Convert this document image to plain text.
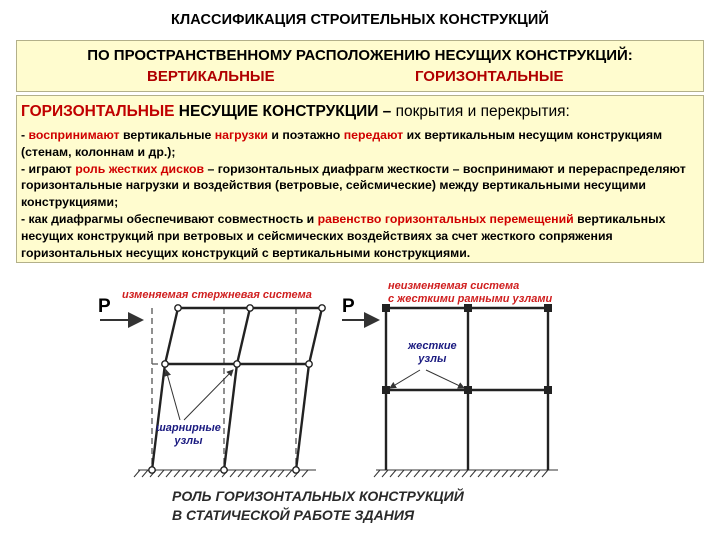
КЛАССИФИКАЦИЯ СТРОИТЕЛЬНЫХ КОНСТРУКЦИЙ
ПО ПРОСТРАНСТВЕННОМУ РАСПОЛОЖЕНИЮ НЕСУЩИХ КОНСТРУКЦИЙ:
ВЕРТИКАЛЬНЫЕ	ГОРИЗОНТАЛЬНЫЕ
ГОРИЗОНТАЛЬНЫЕ НЕСУЩИЕ КОНСТРУКЦИИ – покрытия и перекрытия:
- воспринимают вертикальные нагрузки и поэтажно передают их вертикальным несущим конструкциям (стенам, колоннам и др.);
- играют роль жестких дисков – горизонтальных диафрагм жесткости – воспринимают и перераспределяют горизонтальные нагрузки и воздействия (ветровые, сейсмические) между вертикальными несущими конструкциями;
- как диафрагмы обеспечивают совместность и равенство горизонтальных перемещений вертикальных несущих конструкций при ветровых и сейсмических воздействиях за счет жесткого сопряжения горизонтальных несущих конструкций с вертикальными конструкциями.
изменяемая стержневая система
неизменяемая система
с жесткими рамными узлами
P	P
шарнирные
узлы
жесткие
узлы
РОЛЬ ГОРИЗОНТАЛЬНЫХ КОНСТРУКЦИЙ
В СТАТИЧЕСКОЙ РАБОТЕ ЗДАНИЯ
